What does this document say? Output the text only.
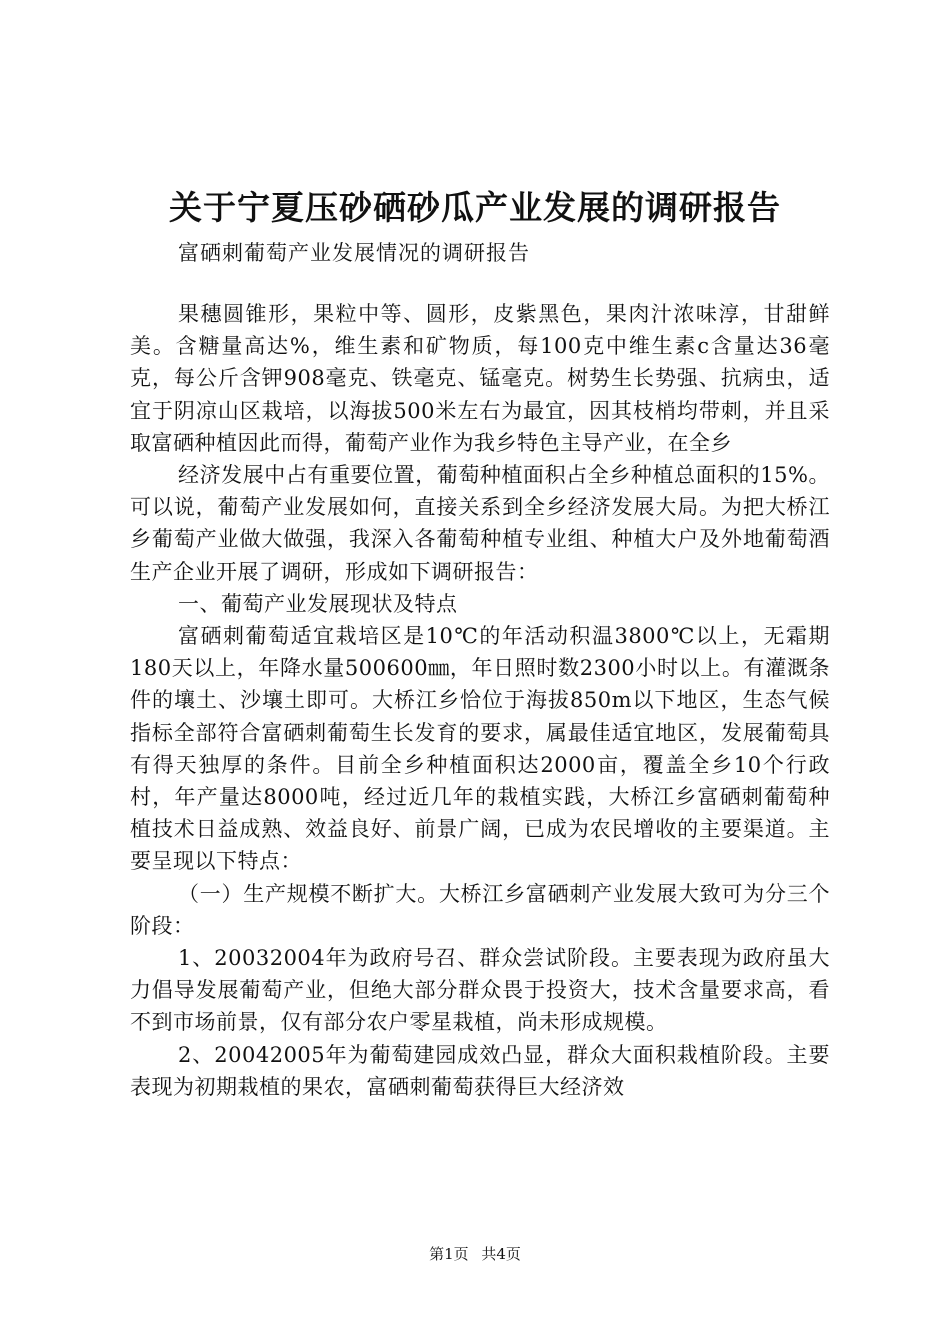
关于宁夏压砂硒砂瓜产业发展的调研报告

富硒刺葡萄产业发展情况的调研报告

果穗圆锥形，果粒中等、圆形，皮紫黑色，果肉汁浓味淳，甘甜鲜美。含糖量高达%，维生素和矿物质，每100克中维生素c含量达36毫克，每公斤含钾908毫克、铁毫克、锰毫克。树势生长势强、抗病虫，适宜于阴凉山区栽培，以海拔500米左右为最宜，因其枝梢均带刺，并且采取富硒种植因此而得，葡萄产业作为我乡特色主导产业，在全乡

经济发展中占有重要位置，葡萄种植面积占全乡种植总面积的15%。可以说，葡萄产业发展如何，直接关系到全乡经济发展大局。为把大桥江乡葡萄产业做大做强，我深入各葡萄种植专业组、种植大户及外地葡萄酒生产企业开展了调研，形成如下调研报告：

一、葡萄产业发展现状及特点

富硒刺葡萄适宜栽培区是10℃的年活动积温3800℃以上，无霜期180天以上，年降水量500600㎜，年日照时数2300小时以上。有灌溉条件的壤土、沙壤土即可。大桥江乡恰位于海拔850m以下地区，生态气候指标全部符合富硒刺葡萄生长发育的要求，属最佳适宜地区，发展葡萄具有得天独厚的条件。目前全乡种植面积达2000亩，覆盖全乡10个行政村，年产量达8000吨，经过近几年的栽植实践，大桥江乡富硒刺葡萄种植技术日益成熟、效益良好、前景广阔，已成为农民增收的主要渠道。主要呈现以下特点：

（一）生产规模不断扩大。大桥江乡富硒刺产业发展大致可为分三个阶段：

1、20032004年为政府号召、群众尝试阶段。主要表现为政府虽大力倡导发展葡萄产业，但绝大部分群众畏于投资大，技术含量要求高，看不到市场前景，仅有部分农户零星栽植，尚未形成规模。

2、20042005年为葡萄建园成效凸显，群众大面积栽植阶段。主要表现为初期栽植的果农，富硒刺葡萄获得巨大经济效

第1页 共4页
